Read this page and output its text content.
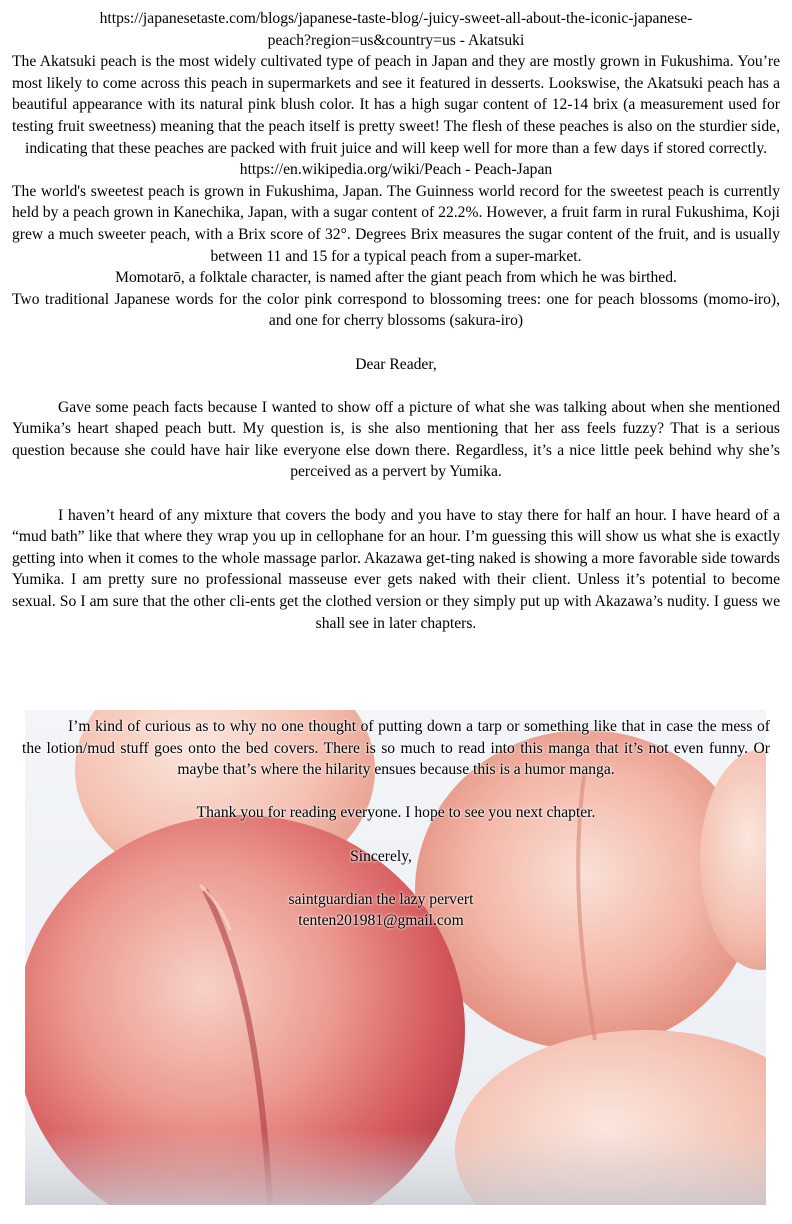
https://japanesetaste.com/blogs/japanese-taste-blog/-juicy-sweet-all-about-the-iconic-japanese-peach?region=us&country=us - Akatsuki

The Akatsuki peach is the most widely cultivated type of peach in Japan and they are mostly grown in Fukushima. You’re most likely to come across this peach in supermarkets and see it featured in desserts. Lookswise, the Akatsuki peach has a beautiful appearance with its natural pink blush color. It has a high sugar content of 12-14 brix (a measurement used for testing fruit sweetness) meaning that the peach itself is pretty sweet! The flesh of these peaches is also on the sturdier side, indicating that these peaches are packed with fruit juice and will keep well for more than a few days if stored correctly.

https://en.wikipedia.org/wiki/Peach - Peach-Japan

The world's sweetest peach is grown in Fukushima, Japan. The Guinness world record for the sweetest peach is currently held by a peach grown in Kanechika, Japan, with a sugar content of 22.2%. However, a fruit farm in rural Fukushima, Koji grew a much sweeter peach, with a Brix score of 32°. Degrees Brix measures the sugar content of the fruit, and is usually between 11 and 15 for a typical peach from a super-market.

Momotarō, a folktale character, is named after the giant peach from which he was birthed.

Two traditional Japanese words for the color pink correspond to blossoming trees: one for peach blossoms (momo-iro), and one for cherry blossoms (sakura-iro)

Dear Reader,

Gave some peach facts because I wanted to show off a picture of what she was talking about when she mentioned Yumika’s heart shaped peach butt. My question is, is she also mentioning that her ass feels fuzzy? That is a serious question because she could have hair like everyone else down there. Regardless, it’s a nice little peek behind why she’s perceived as a pervert by Yumika.

I haven’t heard of any mixture that covers the body and you have to stay there for half an hour. I have heard of a “mud bath” like that where they wrap you up in cellophane for an hour. I’m guessing this will show us what she is exactly getting into when it comes to the whole massage parlor. Akazawa get-ting naked is showing a more favorable side towards Yumika. I am pretty sure no professional masseuse ever gets naked with their client. Unless it’s potential to become sexual. So I am sure that the other cli-ents get the clothed version or they simply put up with Akazawa’s nudity. I guess we shall see in later chapters.

I’m kind of curious as to why no one thought of putting down a tarp or something like that in case the mess of the lotion/mud stuff goes onto the bed covers. There is so much to read into this manga that it’s not even funny. Or maybe that’s where the hilarity ensues because this is a humor manga.

Thank you for reading everyone. I hope to see you next chapter.

Sincerely,

saintguardian the lazy pervert

tenten201981@gmail.com
